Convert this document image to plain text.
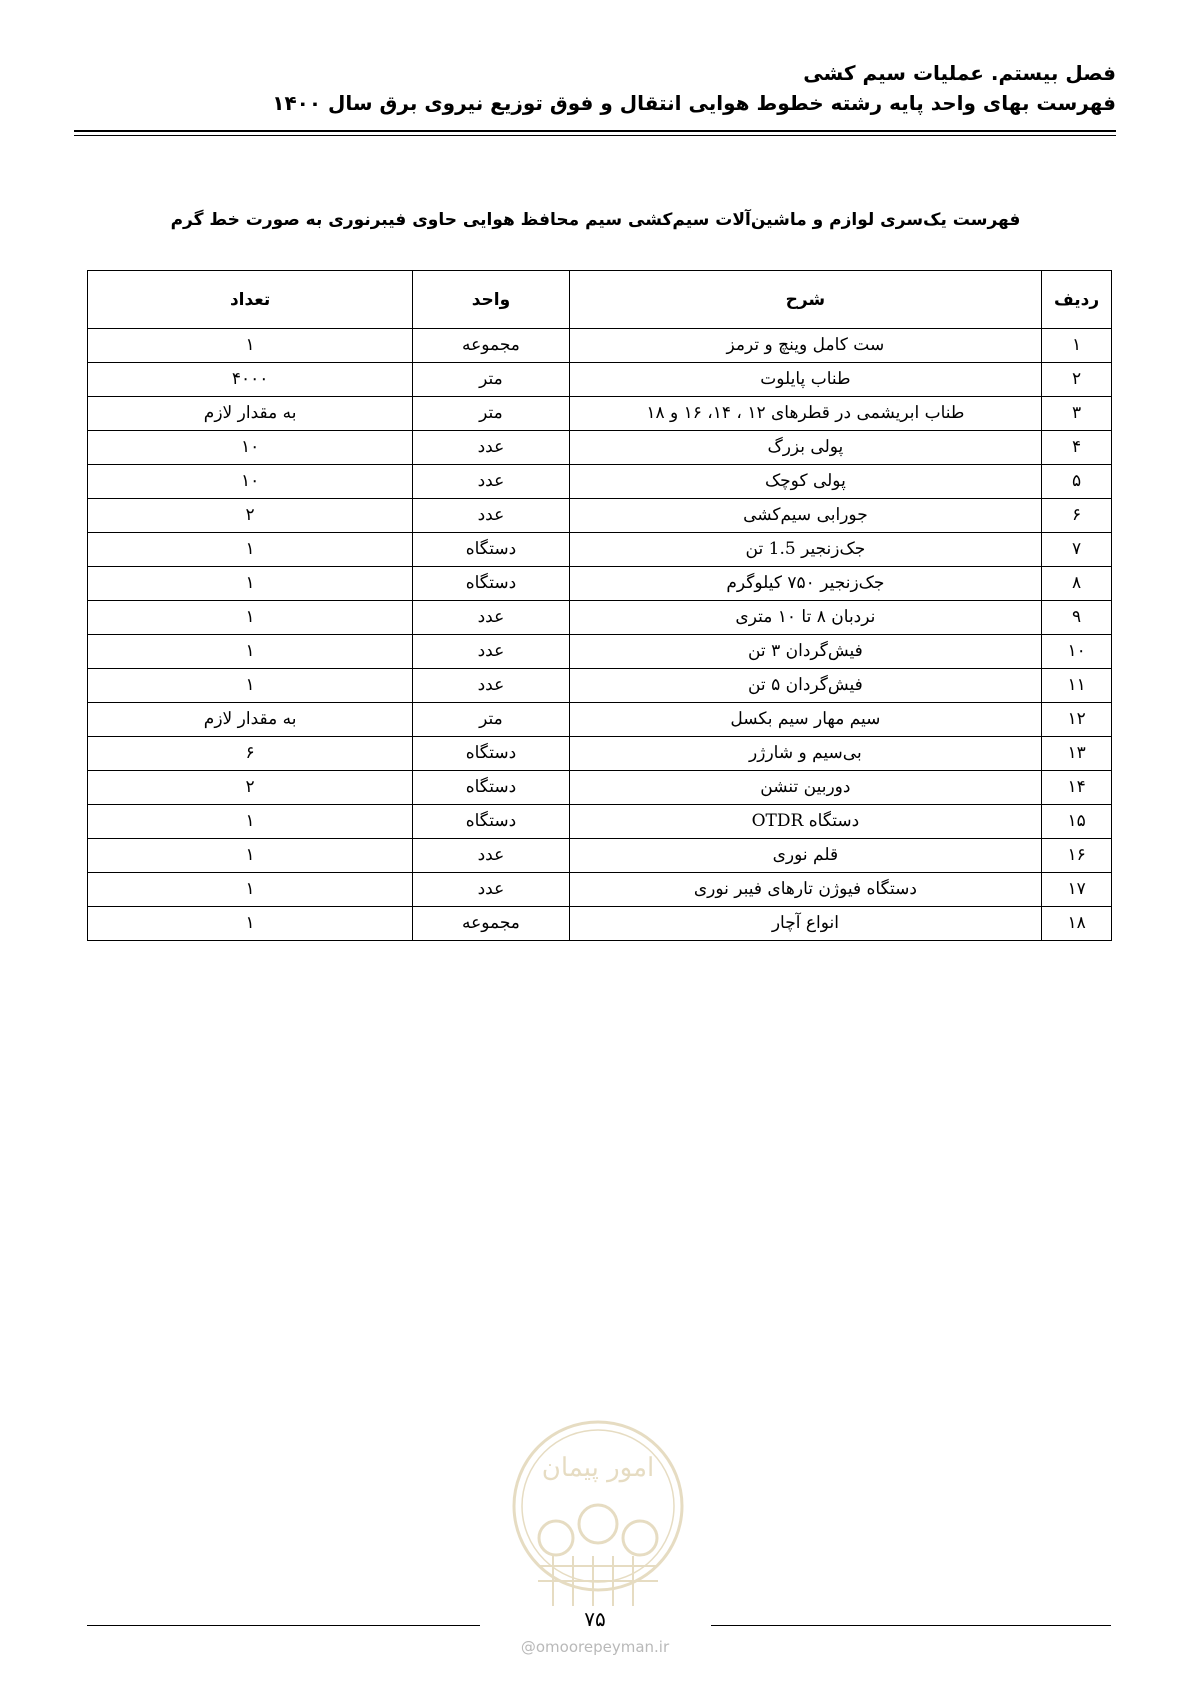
فصل بیستم. عملیات سیم کشی
فهرست بهای واحد پایه رشته خطوط هوایی انتقال و فوق توزیع نیروی برق سال ۱۴۰۰
فهرست یک‌سری لوازم و ماشین‌آلات سیم‌کشی سیم محافظ هوایی حاوی فیبرنوری به صورت خط گرم
ردیف	شرح	واحد	تعداد
۱	ست کامل وینچ و ترمز	مجموعه	۱
۲	طناب پایلوت	متر	۴۰۰۰
۳	طناب ابریشمی در قطرهای ۱۲ ، ۱۴، ۱۶ و ۱۸	متر	به مقدار لازم
۴	پولی بزرگ	عدد	۱۰
۵	پولی کوچک	عدد	۱۰
۶	جورابی سیم‌کشی	عدد	۲
۷	جک‌زنجیر 1.5 تن	دستگاه	۱
۸	جک‌زنجیر ۷۵۰ کیلوگرم	دستگاه	۱
۹	نردبان ۸ تا ۱۰ متری	عدد	۱
۱۰	فیش‌گردان ۳ تن	عدد	۱
۱۱	فیش‌گردان ۵ تن	عدد	۱
۱۲	سیم مهار سیم بکسل	متر	به مقدار لازم
۱۳	بی‌سیم و شارژر	دستگاه	۶
۱۴	دوربین تنشن	دستگاه	۲
۱۵	دستگاه OTDR	دستگاه	۱
۱۶	قلم نوری	عدد	۱
۱۷	دستگاه فیوژن تارهای فیبر نوری	عدد	۱
۱۸	انواع آچار	مجموعه	۱
امور پیمان
۷۵
@omoorepeyman.ir
